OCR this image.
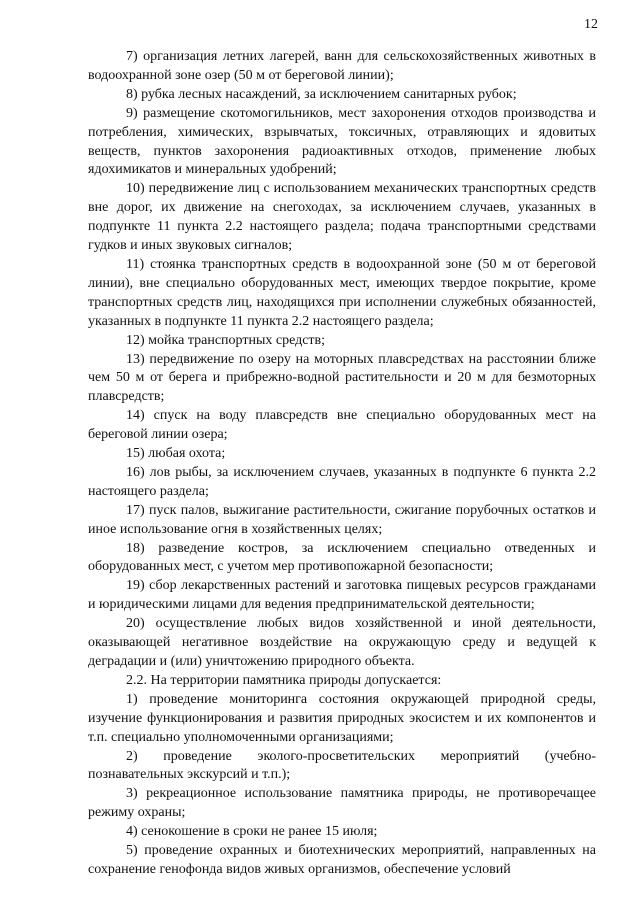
12

7) организация летних лагерей, ванн для сельскохозяйственных животных в водоохранной зоне озер (50 м от береговой линии);

8) рубка лесных насаждений, за исключением санитарных рубок;

9) размещение скотомогильников, мест захоронения отходов производства и потребления, химических, взрывчатых, токсичных, отравляющих и ядовитых веществ, пунктов захоронения радиоактивных отходов, применение любых ядохимикатов и минеральных удобрений;

10) передвижение лиц с использованием механических транспортных средств вне дорог, их движение на снегоходах, за исключением случаев, указанных в подпункте 11 пункта 2.2 настоящего раздела; подача транспортными средствами гудков и иных звуковых сигналов;

11) стоянка транспортных средств в водоохранной зоне (50 м от береговой линии), вне специально оборудованных мест, имеющих твердое покрытие, кроме транспортных средств лиц, находящихся при исполнении служебных обязанностей, указанных в подпункте 11 пункта 2.2 настоящего раздела;

12) мойка транспортных средств;

13) передвижение по озеру на моторных плавсредствах на расстоянии ближе чем 50 м от берега и прибрежно-водной растительности и 20 м для безмоторных плавсредств;

14) спуск на воду плавсредств вне специально оборудованных мест на береговой линии озера;

15) любая охота;

16) лов рыбы, за исключением случаев, указанных в подпункте 6 пункта 2.2 настоящего раздела;

17) пуск палов, выжигание растительности, сжигание порубочных остатков и иное использование огня в хозяйственных целях;

18) разведение костров, за исключением специально отведенных и оборудованных мест, с учетом мер противопожарной безопасности;

19) сбор лекарственных растений и заготовка пищевых ресурсов гражданами и юридическими лицами для ведения предпринимательской деятельности;

20) осуществление любых видов хозяйственной и иной деятельности, оказывающей негативное воздействие на окружающую среду и ведущей к деградации и (или) уничтожению природного объекта.

2.2. На территории памятника природы допускается:

1) проведение мониторинга состояния окружающей природной среды, изучение функционирования и развития природных экосистем и их компонентов и т.п. специально уполномоченными организациями;

2) проведение эколого-просветительских мероприятий (учебно-познавательных экскурсий и т.п.);

3) рекреационное использование памятника природы, не противоречащее режиму охраны;

4) сенокошение в сроки не ранее 15 июля;

5) проведение охранных и биотехнических мероприятий, направленных на сохранение генофонда видов живых организмов, обеспечение условий
